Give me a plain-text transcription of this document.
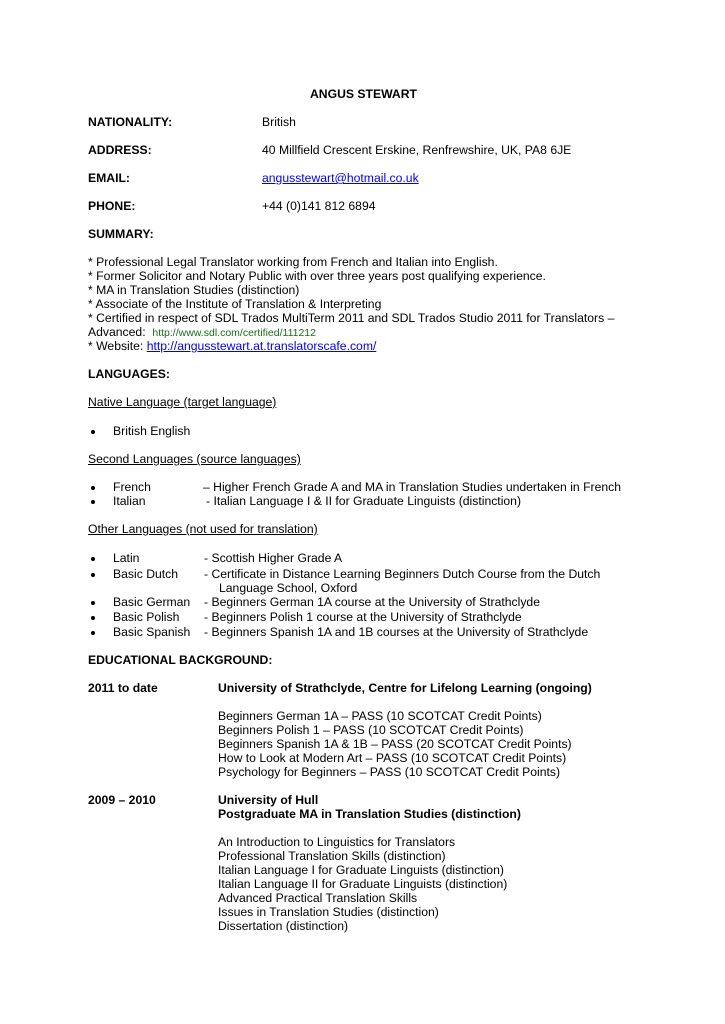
ANGUS STEWART
NATIONALITY:	British
ADDRESS:	40 Millfield Crescent Erskine, Renfrewshire, UK, PA8 6JE
EMAIL:	angusstewart@hotmail.co.uk
PHONE:	+44 (0)141 812 6894
SUMMARY:
* Professional Legal Translator working from French and Italian into English.
* Former Solicitor and Notary Public with over three years post qualifying experience.
* MA in Translation Studies (distinction)
* Associate of the Institute of Translation & Interpreting
* Certified in respect of SDL Trados MultiTerm 2011 and SDL Trados Studio 2011 for Translators –
Advanced: http://www.sdl.com/certified/111212
* Website: http://angusstewart.at.translatorscafe.com/
LANGUAGES:
Native Language (target language)
British English
Second Languages (source languages)
French	– Higher French Grade A and MA in Translation Studies undertaken in French
Italian	- Italian Language I & II for Graduate Linguists (distinction)
Other Languages (not used for translation)
Latin	- Scottish Higher Grade A
Basic Dutch - Certificate in Distance Learning Beginners Dutch Course from the Dutch
Language School, Oxford
Basic German - Beginners German 1A course at the University of Strathclyde
Basic Polish - Beginners Polish 1 course at the University of Strathclyde
Basic Spanish - Beginners Spanish 1A and 1B courses at the University of Strathclyde
EDUCATIONAL BACKGROUND:
2011 to date	University of Strathclyde, Centre for Lifelong Learning (ongoing)
Beginners German 1A – PASS (10 SCOTCAT Credit Points)
Beginners Polish 1 – PASS (10 SCOTCAT Credit Points)
Beginners Spanish 1A & 1B – PASS (20 SCOTCAT Credit Points)
How to Look at Modern Art – PASS (10 SCOTCAT Credit Points)
Psychology for Beginners – PASS (10 SCOTCAT Credit Points)
2009 – 2010	University of Hull
Postgraduate MA in Translation Studies (distinction)
An Introduction to Linguistics for Translators
Professional Translation Skills (distinction)
Italian Language I for Graduate Linguists (distinction)
Italian Language II for Graduate Linguists (distinction)
Advanced Practical Translation Skills
Issues in Translation Studies (distinction)
Dissertation (distinction)
